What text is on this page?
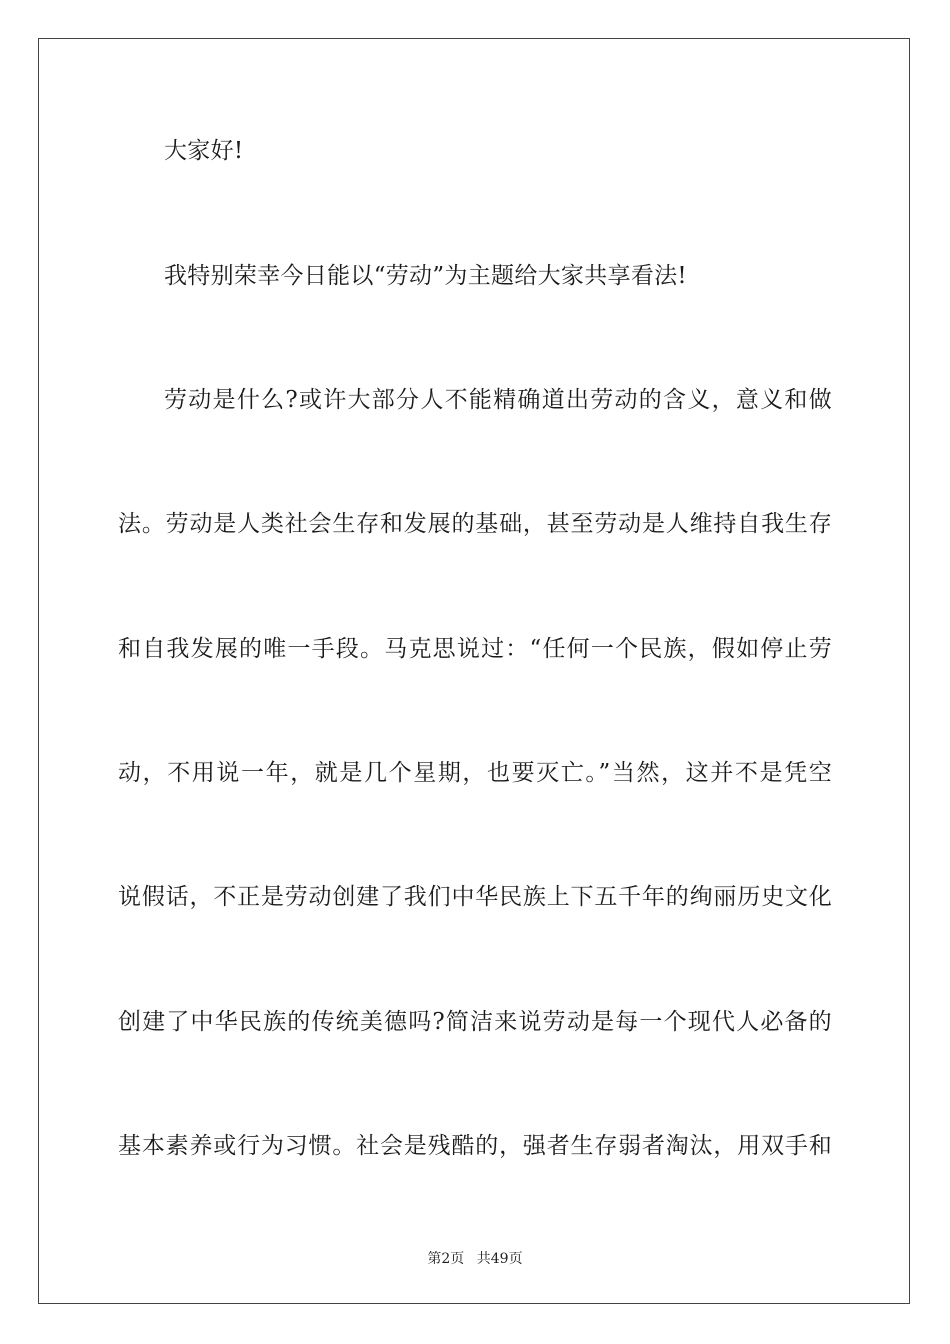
大家好!
我特别荣幸今日能以“劳动”为主题给大家共享看法!
劳动是什么?或许大部分人不能精确道出劳动的含义，意义和做
法。劳动是人类社会生存和发展的基础，甚至劳动是人维持自我生存
和自我发展的唯一手段。马克思说过：“任何一个民族，假如停止劳
动，不用说一年，就是几个星期，也要灭亡。”当然，这并不是凭空
说假话，不正是劳动创建了我们中华民族上下五千年的绚丽历史文化
创建了中华民族的传统美德吗?简洁来说劳动是每一个现代人必备的
基本素养或行为习惯。社会是残酷的，强者生存弱者淘汰，用双手和
第2页 共49页
